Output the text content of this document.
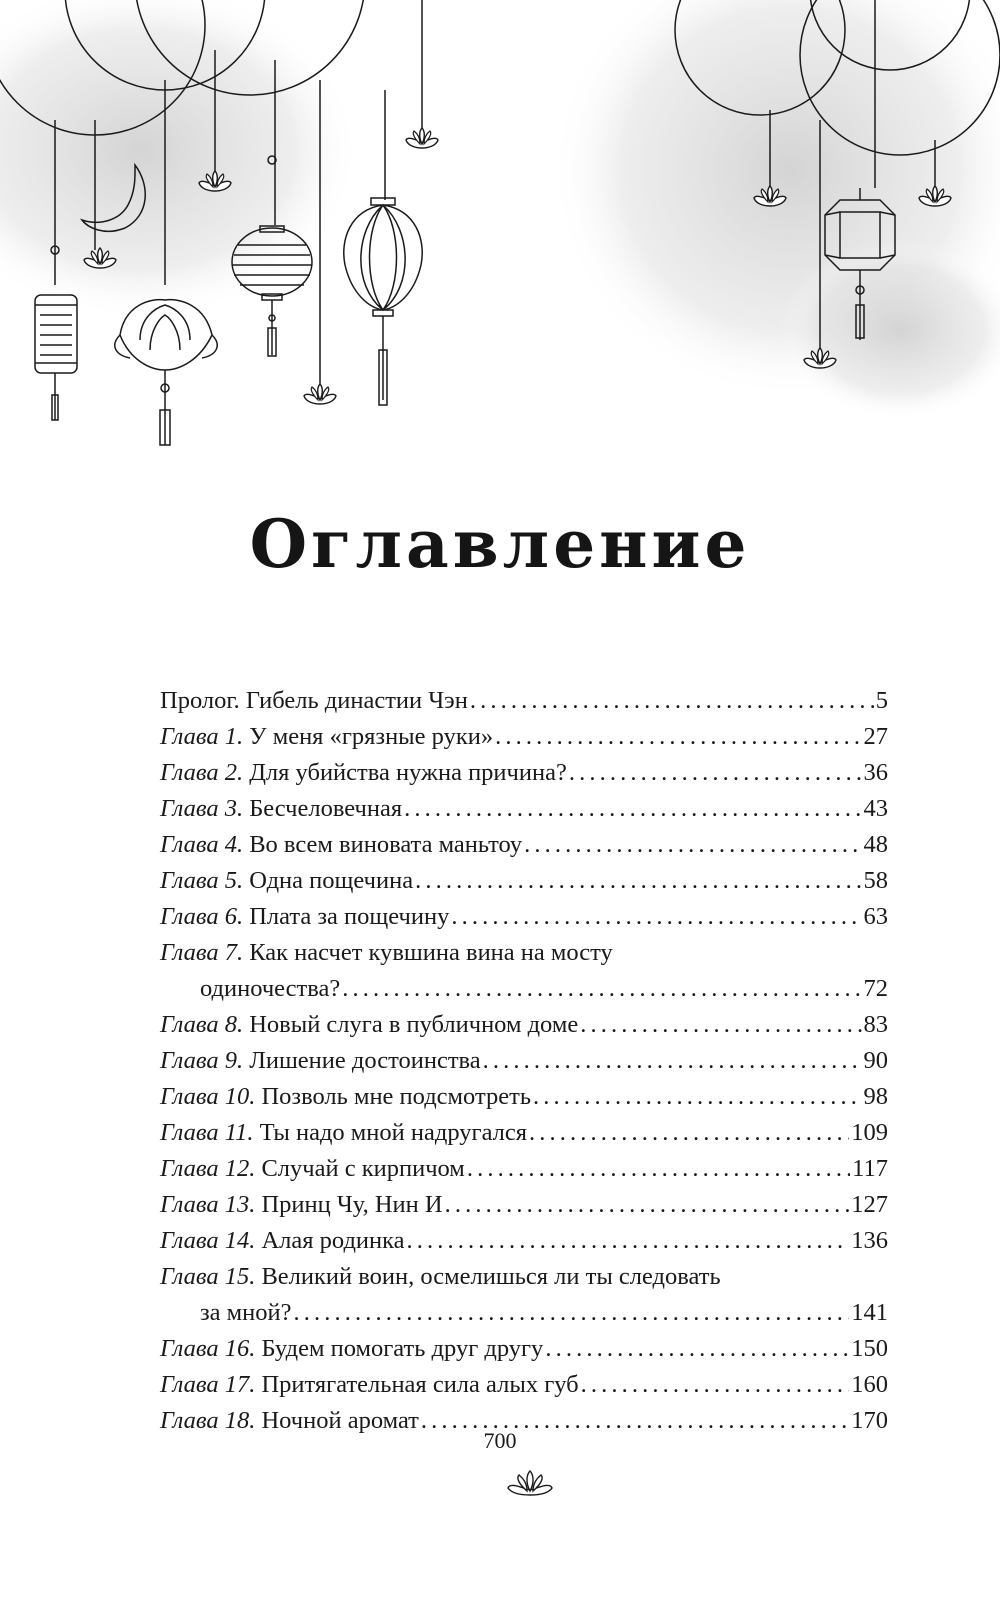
Оглавление
Пролог. Гибель династии Чэн . . .	5
Глава 1. У меня «грязные руки» . . .	27
Глава 2. Для убийства нужна причина? . . .	36
Глава 3. Бесчеловечная . . .	43
Глава 4. Во всем виновата маньтоу . . .	48
Глава 5. Одна пощечина . . .	58
Глава 6. Плата за пощечину . . .	63
Глава 7. Как насчет кувшина вина на мосту
одиночества? . . .	72
Глава 8. Новый слуга в публичном доме . . .	83
Глава 9. Лишение достоинства . . .	90
Глава 10. Позволь мне подсмотреть . . .	98
Глава 11. Ты надо мной надругался . . .	109
Глава 12. Случай с кирпичом . . .	117
Глава 13. Принц Чу, Нин И . . .	127
Глава 14. Алая родинка . . .	136
Глава 15. Великий воин, осмелишься ли ты следовать
за мной? . . .	141
Глава 16. Будем помогать друг другу . . .	150
Глава 17. Притягательная сила алых губ . . .	160
Глава 18. Ночной аромат . . .	170
700
